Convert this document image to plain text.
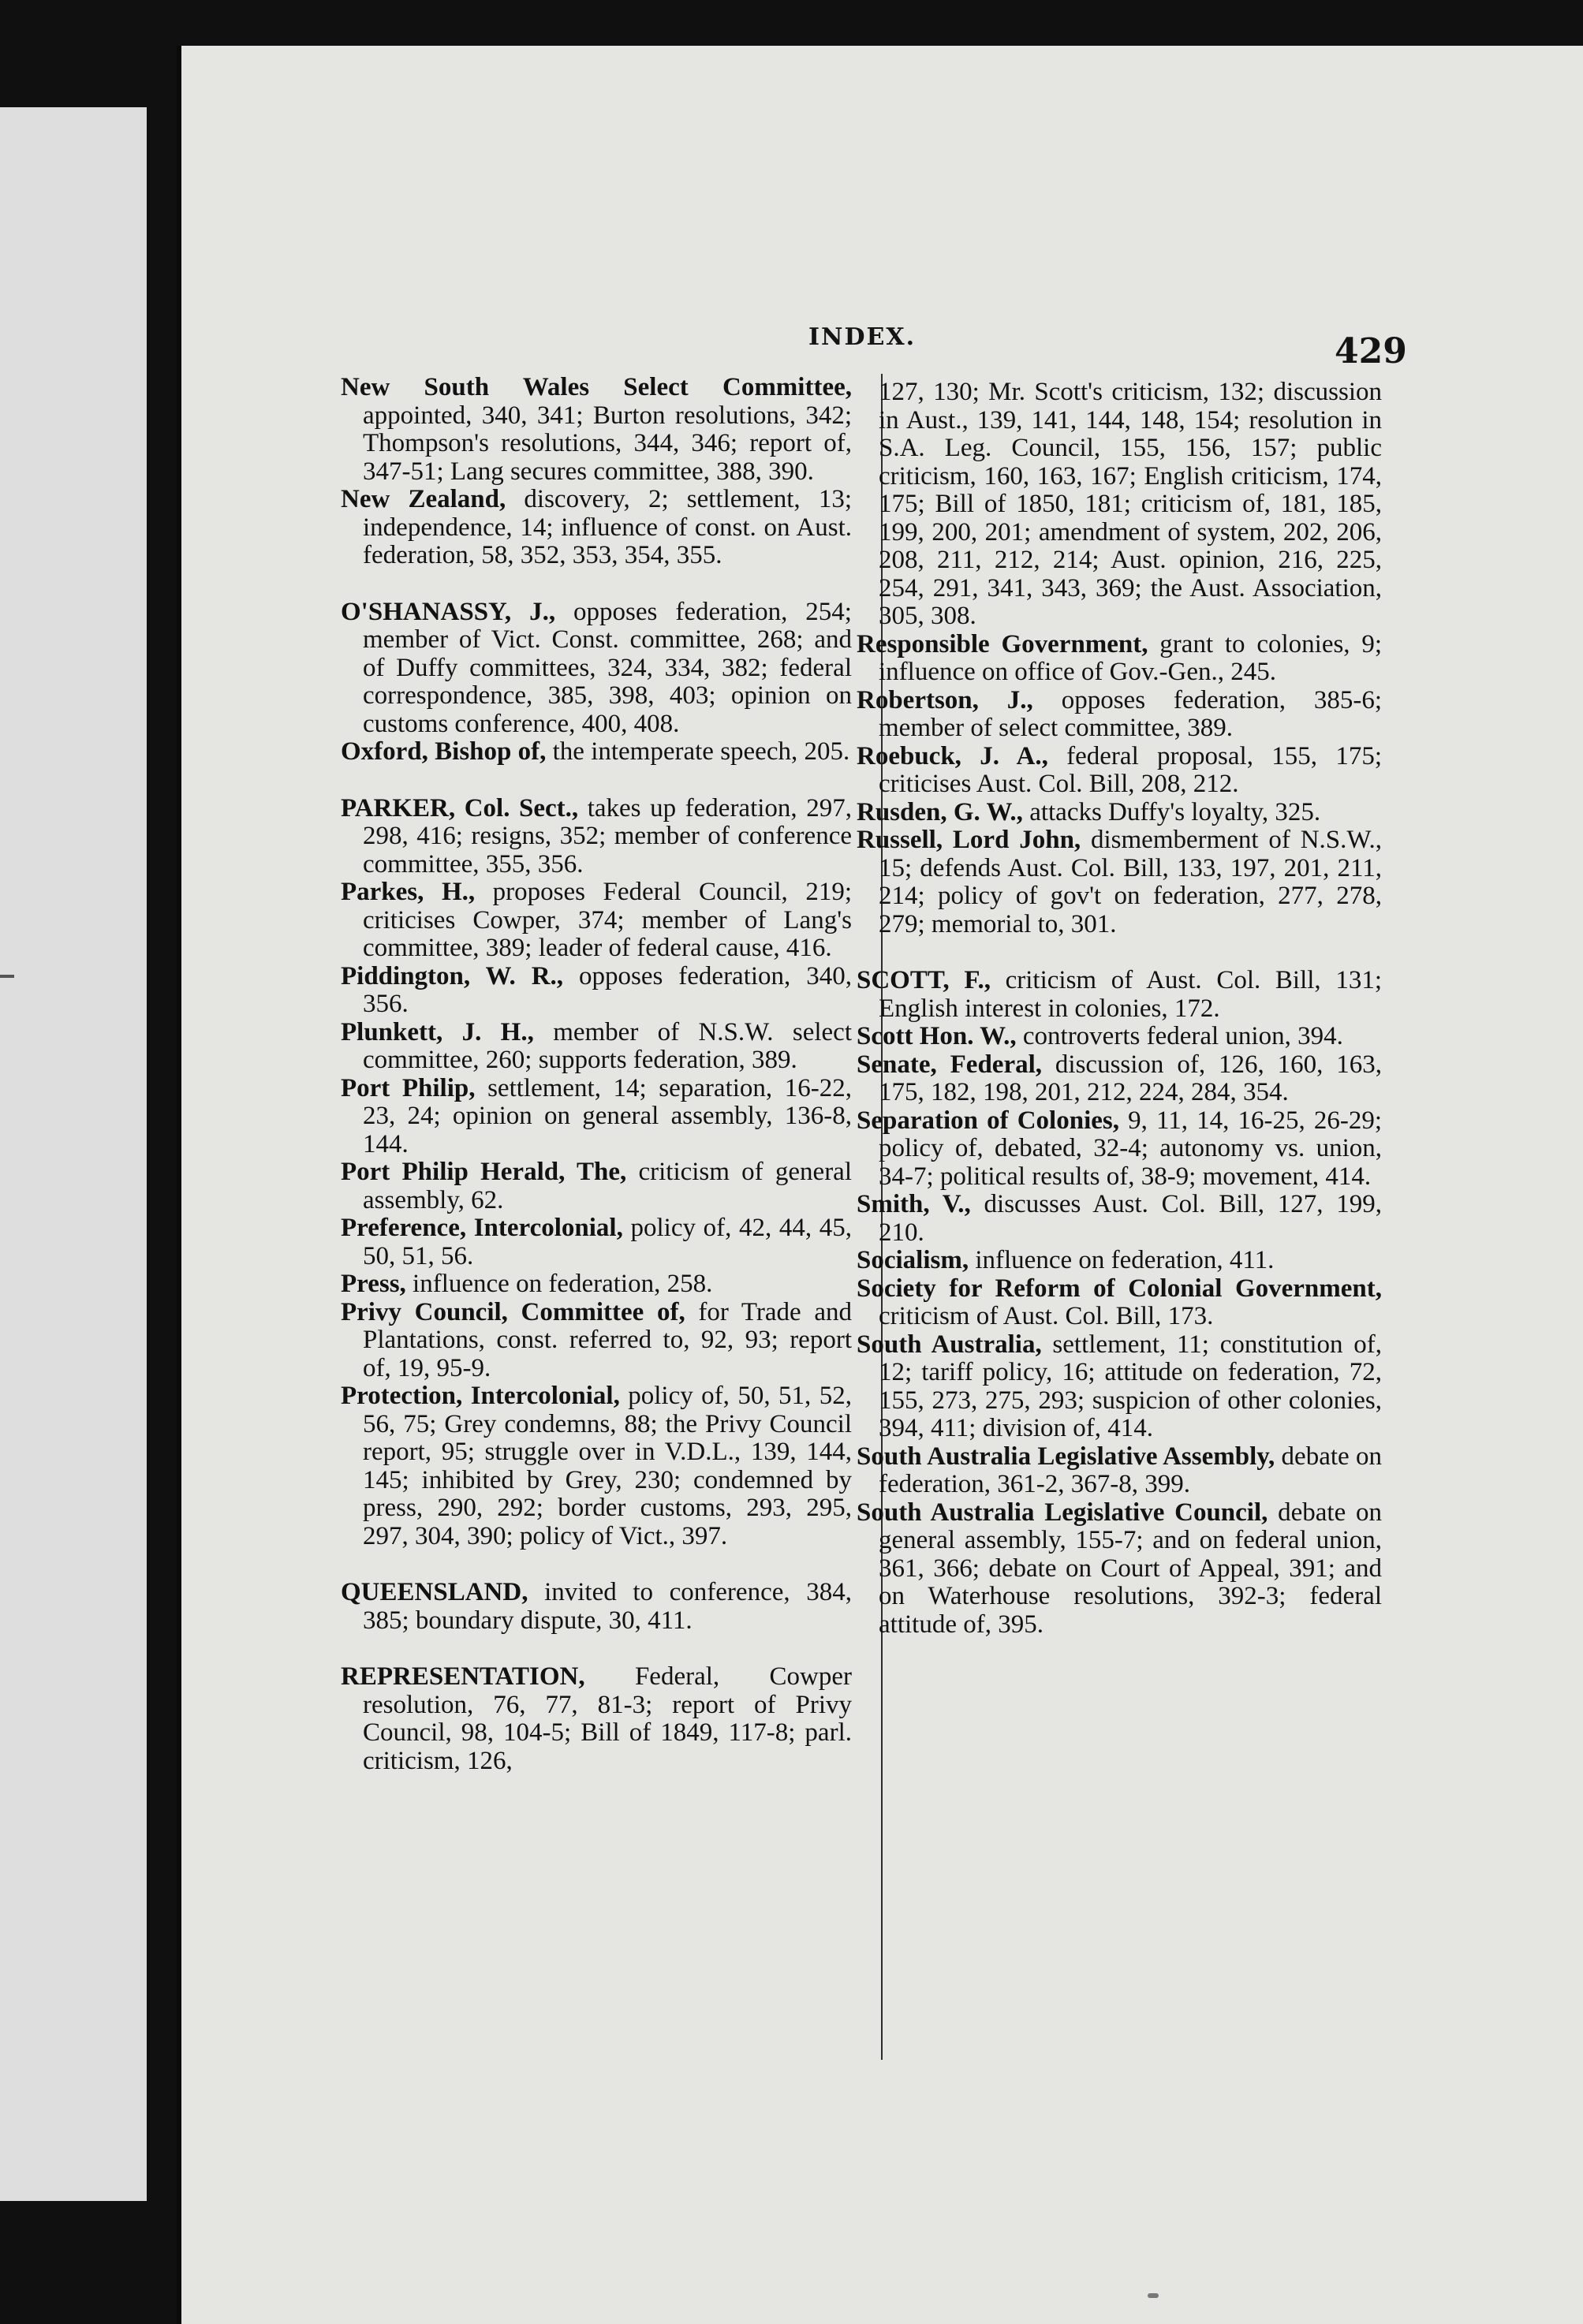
INDEX.	429

New South Wales Select Committee, appointed, 340, 341; Burton resolutions, 342; Thompson's resolutions, 344, 346; report of, 347-51; Lang secures committee, 388, 390.

New Zealand, discovery, 2; settlement, 13; independence, 14; influence of const. on Aust. federation, 58, 352, 353, 354, 355.

O'SHANASSY, J., opposes federation, 254; member of Vict. Const. committee, 268; and of Duffy committees, 324, 334, 382; federal correspondence, 385, 398, 403; opinion on customs conference, 400, 408.

Oxford, Bishop of, the intemperate speech, 205.

PARKER, Col. Sect., takes up federation, 297, 298, 416; resigns, 352; member of conference committee, 355, 356.

Parkes, H., proposes Federal Council, 219; criticises Cowper, 374; member of Lang's committee, 389; leader of federal cause, 416.

Piddington, W. R., opposes federation, 340, 356.

Plunkett, J. H., member of N.S.W. select committee, 260; supports federation, 389.

Port Philip, settlement, 14; separation, 16-22, 23, 24; opinion on general assembly, 136-8, 144.

Port Philip Herald, The, criticism of general assembly, 62.

Preference, Intercolonial, policy of, 42, 44, 45, 50, 51, 56.

Press, influence on federation, 258.

Privy Council, Committee of, for Trade and Plantations, const. referred to, 92, 93; report of, 19, 95-9.

Protection, Intercolonial, policy of, 50, 51, 52, 56, 75; Grey condemns, 88; the Privy Council report, 95; struggle over in V.D.L., 139, 144, 145; inhibited by Grey, 230; condemned by press, 290, 292; border customs, 293, 295, 297, 304, 390; policy of Vict., 397.

QUEENSLAND, invited to conference, 384, 385; boundary dispute, 30, 411.

REPRESENTATION, Federal, Cowper resolution, 76, 77, 81-3; report of Privy Council, 98, 104-5; Bill of 1849, 117-8; parl. criticism, 126,

127, 130; Mr. Scott's criticism, 132; discussion in Aust., 139, 141, 144, 148, 154; resolution in S.A. Leg. Council, 155, 156, 157; public criticism, 160, 163, 167; English criticism, 174, 175; Bill of 1850, 181; criticism of, 181, 185, 199, 200, 201; amendment of system, 202, 206, 208, 211, 212, 214; Aust. opinion, 216, 225, 254, 291, 341, 343, 369; the Aust. Association, 305, 308.

Responsible Government, grant to colonies, 9; influence on office of Gov.-Gen., 245.

Robertson, J., opposes federation, 385-6; member of select committee, 389.

Roebuck, J. A., federal proposal, 155, 175; criticises Aust. Col. Bill, 208, 212.

Rusden, G. W., attacks Duffy's loyalty, 325.

Russell, Lord John, dismemberment of N.S.W., 15; defends Aust. Col. Bill, 133, 197, 201, 211, 214; policy of gov't on federation, 277, 278, 279; memorial to, 301.

SCOTT, F., criticism of Aust. Col. Bill, 131; English interest in colonies, 172.

Scott Hon. W., controverts federal union, 394.

Senate, Federal, discussion of, 126, 160, 163, 175, 182, 198, 201, 212, 224, 284, 354.

Separation of Colonies, 9, 11, 14, 16-25, 26-29; policy of, debated, 32-4; autonomy vs. union, 34-7; political results of, 38-9; movement, 414.

Smith, V., discusses Aust. Col. Bill, 127, 199, 210.

Socialism, influence on federation, 411.

Society for Reform of Colonial Government, criticism of Aust. Col. Bill, 173.

South Australia, settlement, 11; constitution of, 12; tariff policy, 16; attitude on federation, 72, 155, 273, 275, 293; suspicion of other colonies, 394, 411; division of, 414.

South Australia Legislative Assembly, debate on federation, 361-2, 367-8, 399.

South Australia Legislative Council, debate on general assembly, 155-7; and on federal union, 361, 366; debate on Court of Appeal, 391; and on Waterhouse resolutions, 392-3; federal attitude of, 395.
